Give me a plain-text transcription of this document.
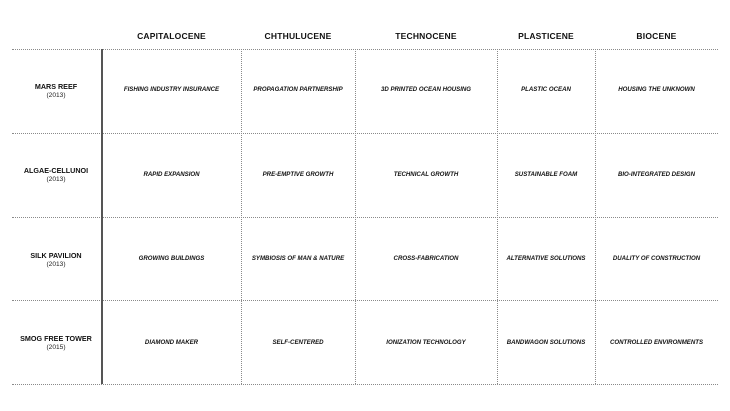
CAPITALOCENE	CHTHULUCENE	TECHNOCENE	PLASTICENE	BIOCENE
MARS REEF
(2013)
FISHING INDUSTRY INSURANCE	PROPAGATION PARTNERSHIP	3D PRINTED OCEAN HOUSING	PLASTIC OCEAN	HOUSING THE UNKNOWN
ALGAE-CELLUNOI
(2013)
RAPID EXPANSION	PRE-EMPTIVE GROWTH	TECHNICAL GROWTH	SUSTAINABLE FOAM	BIO-INTEGRATED DESIGN
SILK PAVILION
(2013)
GROWING BUILDINGS	SYMBIOSIS OF MAN & NATURE	CROSS-FABRICATION	ALTERNATIVE SOLUTIONS	DUALITY OF CONSTRUCTION
SMOG FREE TOWER
(2015)
DIAMOND MAKER	SELF-CENTERED	IONIZATION TECHNOLOGY	BANDWAGON SOLUTIONS	CONTROLLED ENVIRONMENTS
